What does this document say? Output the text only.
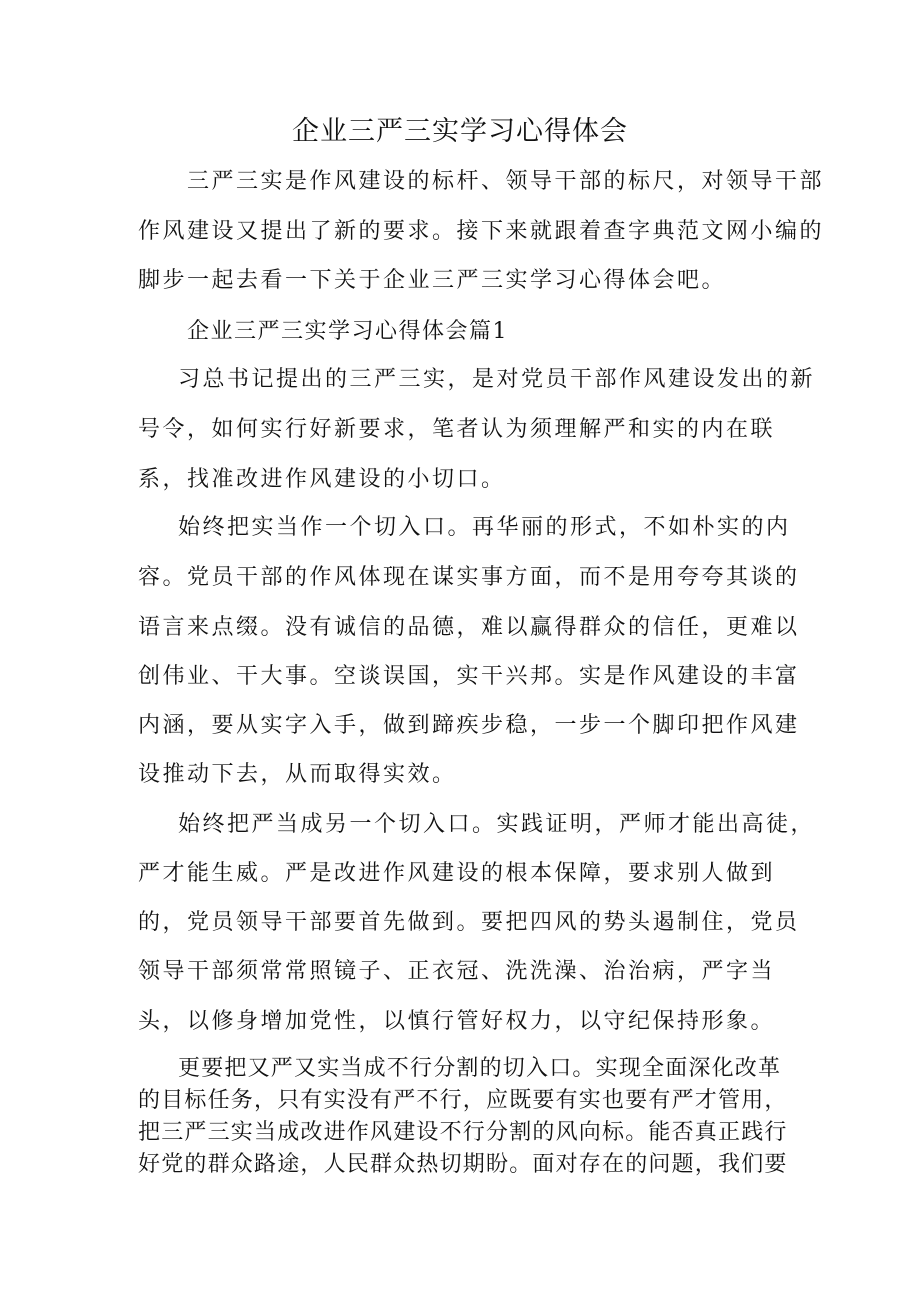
企业三严三实学习心得体会
三严三实是作风建设的标杆、领导干部的标尺，对领导干部
作风建设又提出了新的要求。接下来就跟着查字典范文网小编的
脚步一起去看一下关于企业三严三实学习心得体会吧。
企业三严三实学习心得体会篇1
习总书记提出的三严三实，是对党员干部作风建设发出的新
号令，如何实行好新要求，笔者认为须理解严和实的内在联
系，找准改进作风建设的小切口。
始终把实当作一个切入口。再华丽的形式，不如朴实的内
容。党员干部的作风体现在谋实事方面，而不是用夸夸其谈的
语言来点缀。没有诚信的品德，难以赢得群众的信任，更难以
创伟业、干大事。空谈误国，实干兴邦。实是作风建设的丰富
内涵，要从实字入手，做到蹄疾步稳，一步一个脚印把作风建
设推动下去，从而取得实效。
始终把严当成另一个切入口。实践证明，严师才能出高徒，
严才能生威。严是改进作风建设的根本保障，要求别人做到
的，党员领导干部要首先做到。要把四风的势头遏制住，党员
领导干部须常常照镜子、正衣冠、洗洗澡、治治病，严字当
头，以修身增加党性，以慎行管好权力，以守纪保持形象。
更要把又严又实当成不行分割的切入口。实现全面深化改革
的目标任务，只有实没有严不行，应既要有实也要有严才管用，
把三严三实当成改进作风建设不行分割的风向标。能否真正践行
好党的群众路途，人民群众热切期盼。面对存在的问题，我们要
